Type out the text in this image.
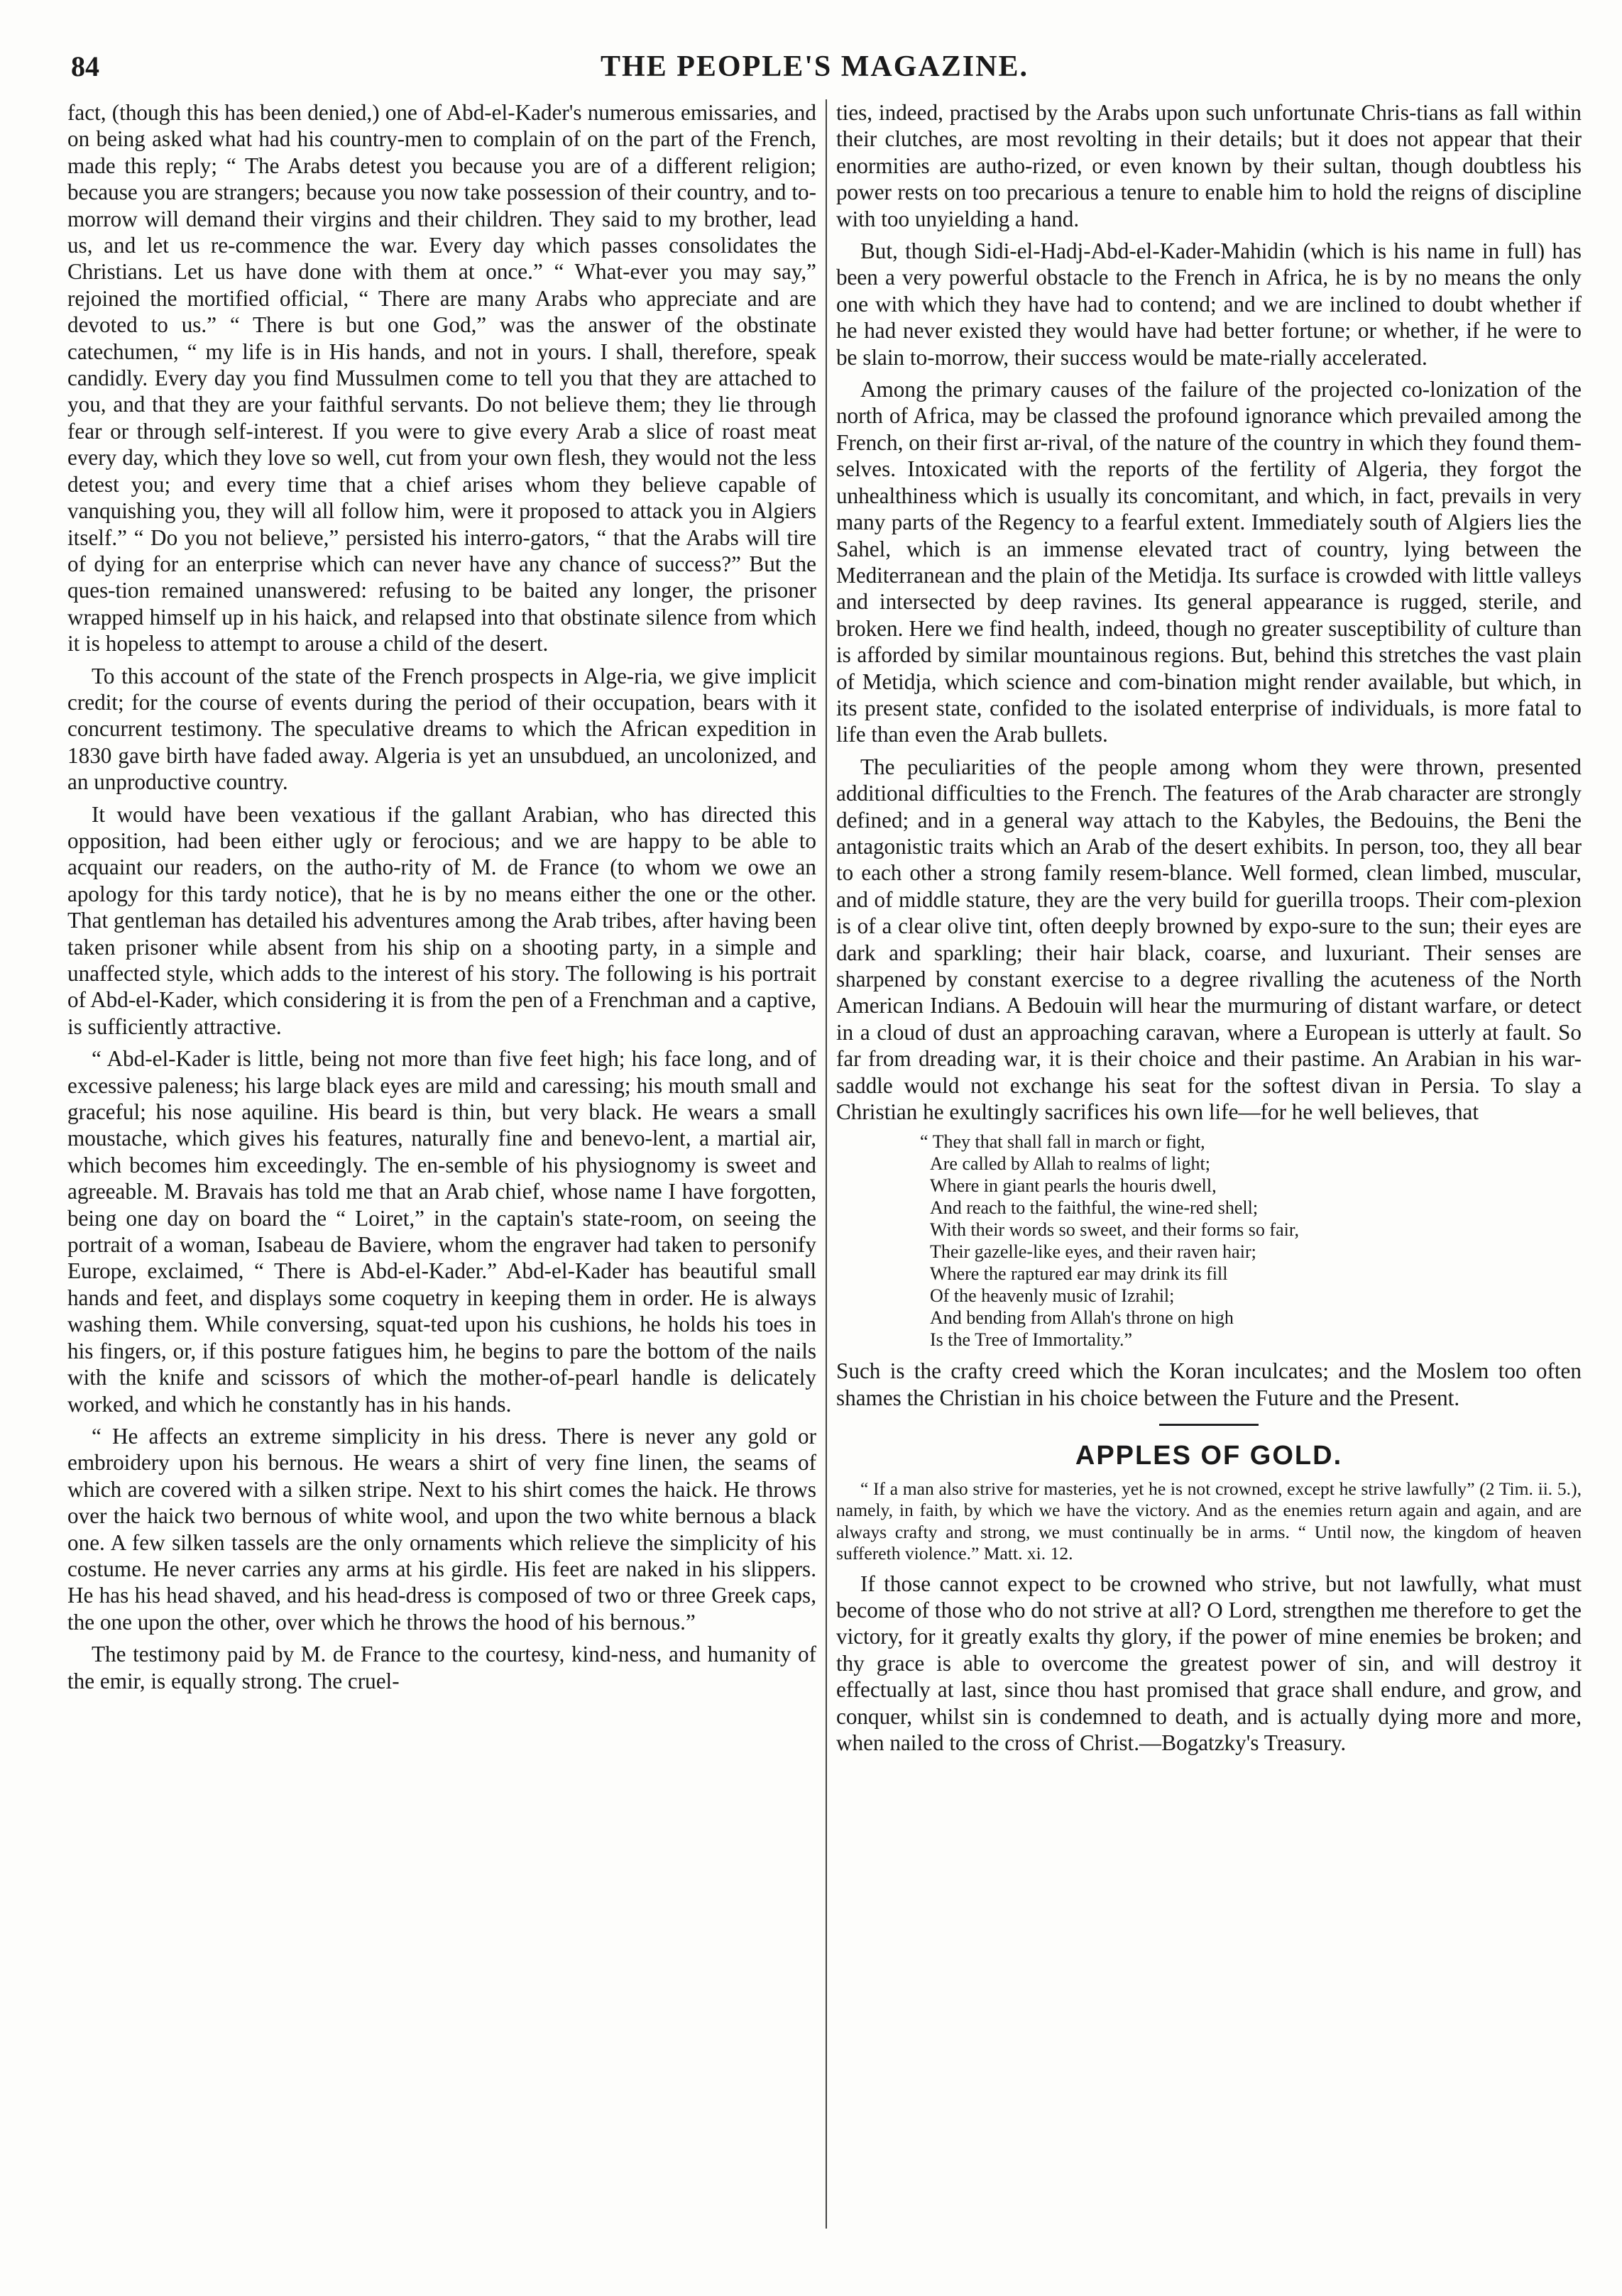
84	THE PEOPLE'S MAGAZINE.

fact, (though this has been denied,) one of Abd-el-Kader's numerous emissaries, and on being asked what had his country-men to complain of on the part of the French, made this reply; “ The Arabs detest you because you are of a different religion; because you are strangers; because you now take possession of their country, and to-morrow will demand their virgins and their children. They said to my brother, lead us, and let us re-commence the war. Every day which passes consolidates the Christians. Let us have done with them at once.” “ What-ever you may say,” rejoined the mortified official, “ There are many Arabs who appreciate and are devoted to us.” “ There is but one God,” was the answer of the obstinate catechumen, “ my life is in His hands, and not in yours. I shall, therefore, speak candidly. Every day you find Mussulmen come to tell you that they are attached to you, and that they are your faithful servants. Do not believe them; they lie through fear or through self-interest. If you were to give every Arab a slice of roast meat every day, which they love so well, cut from your own flesh, they would not the less detest you; and every time that a chief arises whom they believe capable of vanquishing you, they will all follow him, were it proposed to attack you in Algiers itself.” “ Do you not believe,” persisted his interro-gators, “ that the Arabs will tire of dying for an enterprise which can never have any chance of success?” But the ques-tion remained unanswered: refusing to be baited any longer, the prisoner wrapped himself up in his haick, and relapsed into that obstinate silence from which it is hopeless to attempt to arouse a child of the desert.

To this account of the state of the French prospects in Alge-ria, we give implicit credit; for the course of events during the period of their occupation, bears with it concurrent testimony. The speculative dreams to which the African expedition in 1830 gave birth have faded away. Algeria is yet an unsubdued, an uncolonized, and an unproductive country.

It would have been vexatious if the gallant Arabian, who has directed this opposition, had been either ugly or ferocious; and we are happy to be able to acquaint our readers, on the autho-rity of M. de France (to whom we owe an apology for this tardy notice), that he is by no means either the one or the other. That gentleman has detailed his adventures among the Arab tribes, after having been taken prisoner while absent from his ship on a shooting party, in a simple and unaffected style, which adds to the interest of his story. The following is his portrait of Abd-el-Kader, which considering it is from the pen of a Frenchman and a captive, is sufficiently attractive.

“ Abd-el-Kader is little, being not more than five feet high; his face long, and of excessive paleness; his large black eyes are mild and caressing; his mouth small and graceful; his nose aquiline. His beard is thin, but very black. He wears a small moustache, which gives his features, naturally fine and benevo-lent, a martial air, which becomes him exceedingly. The en-semble of his physiognomy is sweet and agreeable. M. Bravais has told me that an Arab chief, whose name I have forgotten, being one day on board the “ Loiret,” in the captain's state-room, on seeing the portrait of a woman, Isabeau de Baviere, whom the engraver had taken to personify Europe, exclaimed, “ There is Abd-el-Kader.” Abd-el-Kader has beautiful small hands and feet, and displays some coquetry in keeping them in order. He is always washing them. While conversing, squat-ted upon his cushions, he holds his toes in his fingers, or, if this posture fatigues him, he begins to pare the bottom of the nails with the knife and scissors of which the mother-of-pearl handle is delicately worked, and which he constantly has in his hands.

“ He affects an extreme simplicity in his dress. There is never any gold or embroidery upon his bernous. He wears a shirt of very fine linen, the seams of which are covered with a silken stripe. Next to his shirt comes the haick. He throws over the haick two bernous of white wool, and upon the two white bernous a black one. A few silken tassels are the only ornaments which relieve the simplicity of his costume. He never carries any arms at his girdle. His feet are naked in his slippers. He has his head shaved, and his head-dress is composed of two or three Greek caps, the one upon the other, over which he throws the hood of his bernous.”

The testimony paid by M. de France to the courtesy, kind-ness, and humanity of the emir, is equally strong. The cruel-

ties, indeed, practised by the Arabs upon such unfortunate Chris-tians as fall within their clutches, are most revolting in their details; but it does not appear that their enormities are autho-rized, or even known by their sultan, though doubtless his power rests on too precarious a tenure to enable him to hold the reigns of discipline with too unyielding a hand.

But, though Sidi-el-Hadj-Abd-el-Kader-Mahidin (which is his name in full) has been a very powerful obstacle to the French in Africa, he is by no means the only one with which they have had to contend; and we are inclined to doubt whether if he had never existed they would have had better fortune; or whether, if he were to be slain to-morrow, their success would be mate-rially accelerated.

Among the primary causes of the failure of the projected co-lonization of the north of Africa, may be classed the profound ignorance which prevailed among the French, on their first ar-rival, of the nature of the country in which they found them-selves. Intoxicated with the reports of the fertility of Algeria, they forgot the unhealthiness which is usually its concomitant, and which, in fact, prevails in very many parts of the Regency to a fearful extent. Immediately south of Algiers lies the Sahel, which is an immense elevated tract of country, lying between the Mediterranean and the plain of the Metidja. Its surface is crowded with little valleys and intersected by deep ravines. Its general appearance is rugged, sterile, and broken. Here we find health, indeed, though no greater susceptibility of culture than is afforded by similar mountainous regions. But, behind this stretches the vast plain of Metidja, which science and com-bination might render available, but which, in its present state, confided to the isolated enterprise of individuals, is more fatal to life than even the Arab bullets.

The peculiarities of the people among whom they were thrown, presented additional difficulties to the French. The features of the Arab character are strongly defined; and in a general way attach to the Kabyles, the Bedouins, the Beni the antagonistic traits which an Arab of the desert exhibits. In person, too, they all bear to each other a strong family resem-blance. Well formed, clean limbed, muscular, and of middle stature, they are the very build for guerilla troops. Their com-plexion is of a clear olive tint, often deeply browned by expo-sure to the sun; their eyes are dark and sparkling; their hair black, coarse, and luxuriant. Their senses are sharpened by constant exercise to a degree rivalling the acuteness of the North American Indians. A Bedouin will hear the murmuring of distant warfare, or detect in a cloud of dust an approaching caravan, where a European is utterly at fault. So far from dreading war, it is their choice and their pastime. An Arabian in his war-saddle would not exchange his seat for the softest divan in Persia. To slay a Christian he exultingly sacrifices his own life—for he well believes, that

“ They that shall fall in march or fight,
Are called by Allah to realms of light;
Where in giant pearls the houris dwell,
And reach to the faithful, the wine-red shell;
With their words so sweet, and their forms so fair,
Their gazelle-like eyes, and their raven hair;
Where the raptured ear may drink its fill
Of the heavenly music of Izrahil;
And bending from Allah's throne on high
Is the Tree of Immortality.”

Such is the crafty creed which the Koran inculcates; and the Moslem too often shames the Christian in his choice between the Future and the Present.

APPLES OF GOLD.

“ If a man also strive for masteries, yet he is not crowned, except he strive lawfully” (2 Tim. ii. 5.), namely, in faith, by which we have the victory. And as the enemies return again and again, and are always crafty and strong, we must continually be in arms. “ Until now, the kingdom of heaven suffereth violence.” Matt. xi. 12.

If those cannot expect to be crowned who strive, but not lawfully, what must become of those who do not strive at all? O Lord, strengthen me therefore to get the victory, for it greatly exalts thy glory, if the power of mine enemies be broken; and thy grace is able to overcome the greatest power of sin, and will destroy it effectually at last, since thou hast promised that grace shall endure, and grow, and conquer, whilst sin is condemned to death, and is actually dying more and more, when nailed to the cross of Christ.—Bogatzky's Treasury.
